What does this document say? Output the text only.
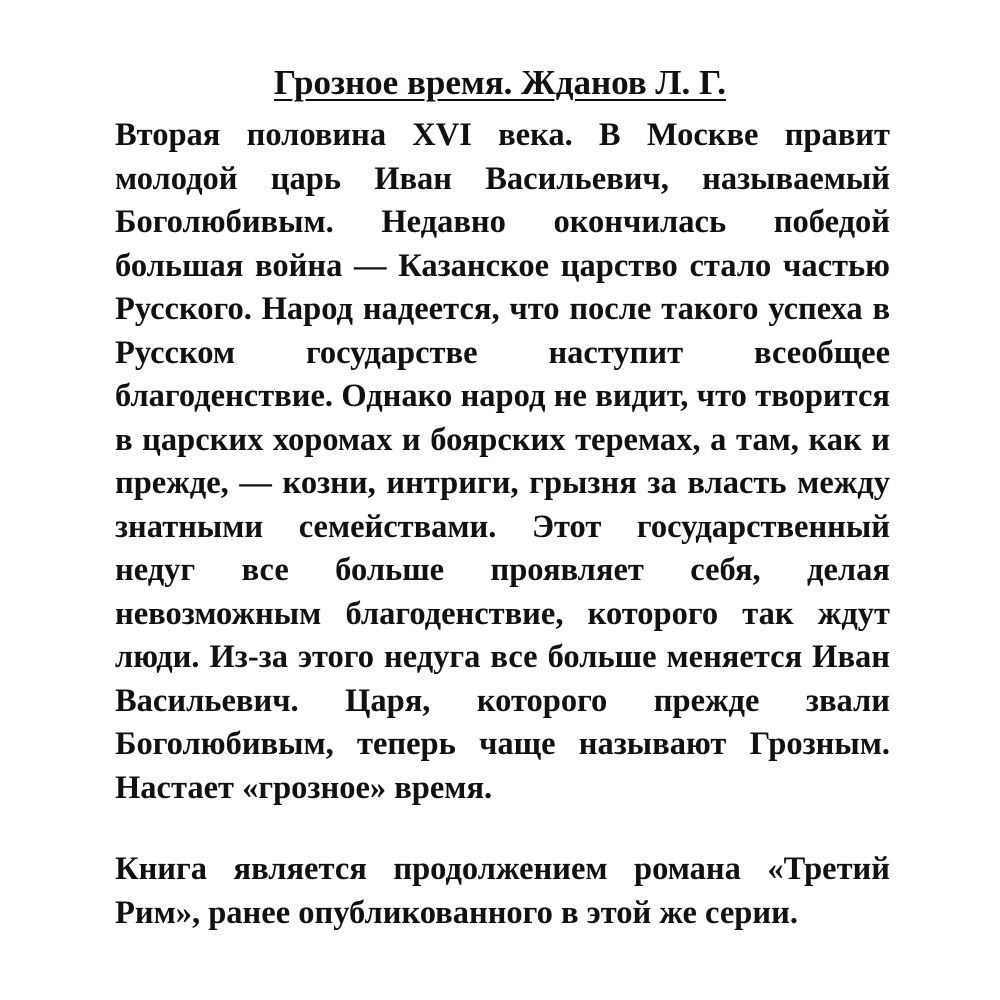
Грозное время. Жданов Л. Г.

Вторая половина XVI века. В Москве правит молодой царь Иван Васильевич, называемый Боголюбивым. Недавно окончилась победой большая война — Казанское царство стало частью Русского. Народ надеется, что после такого успеха в Русском государстве наступит всеобщее благоденствие. Однако народ не видит, что творится в царских хоромах и боярских теремах, а там, как и прежде, — козни, интриги, грызня за власть между знатными семействами. Этот государственный недуг все больше проявляет себя, делая невозможным благоденствие, которого так ждут люди. Из-за этого недуга все больше меняется Иван Васильевич. Царя, которого прежде звали Боголюбивым, теперь чаще называют Грозным. Настает «грозное» время.

Книга является продолжением романа «Третий Рим», ранее опубликованного в этой же серии.
